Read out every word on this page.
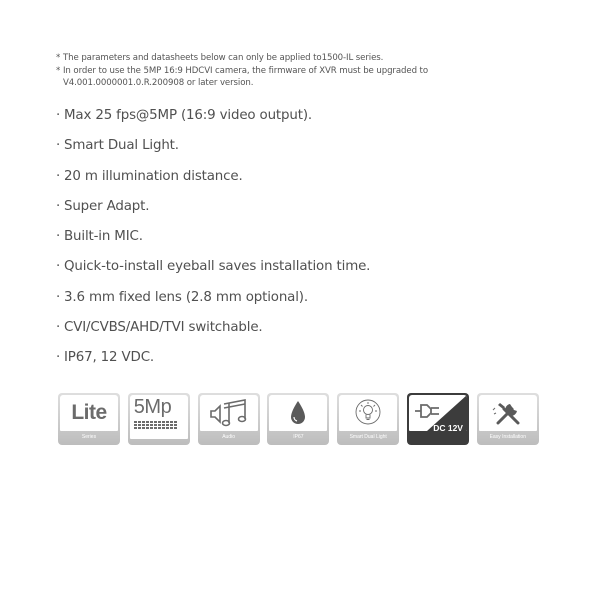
* The parameters and datasheets below can only be applied to1500-IL series.
* In order to use the 5MP 16:9 HDCVI camera, the firmware of XVR must be upgraded to
V4.001.0000001.0.R.200908 or later version.
· Max 25 fps@5MP (16:9 video output).
· Smart Dual Light.
· 20 m illumination distance.
· Super Adapt.
· Built-in MIC.
· Quick-to-install eyeball saves installation time.
· 3.6 mm fixed lens (2.8 mm optional).
· CVI/CVBS/AHD/TVI switchable.
· IP67, 12 VDC.
Lite
Series
5Mp
Audio	IP67	Smart Dual Light
DC 12V
Easy Installation
